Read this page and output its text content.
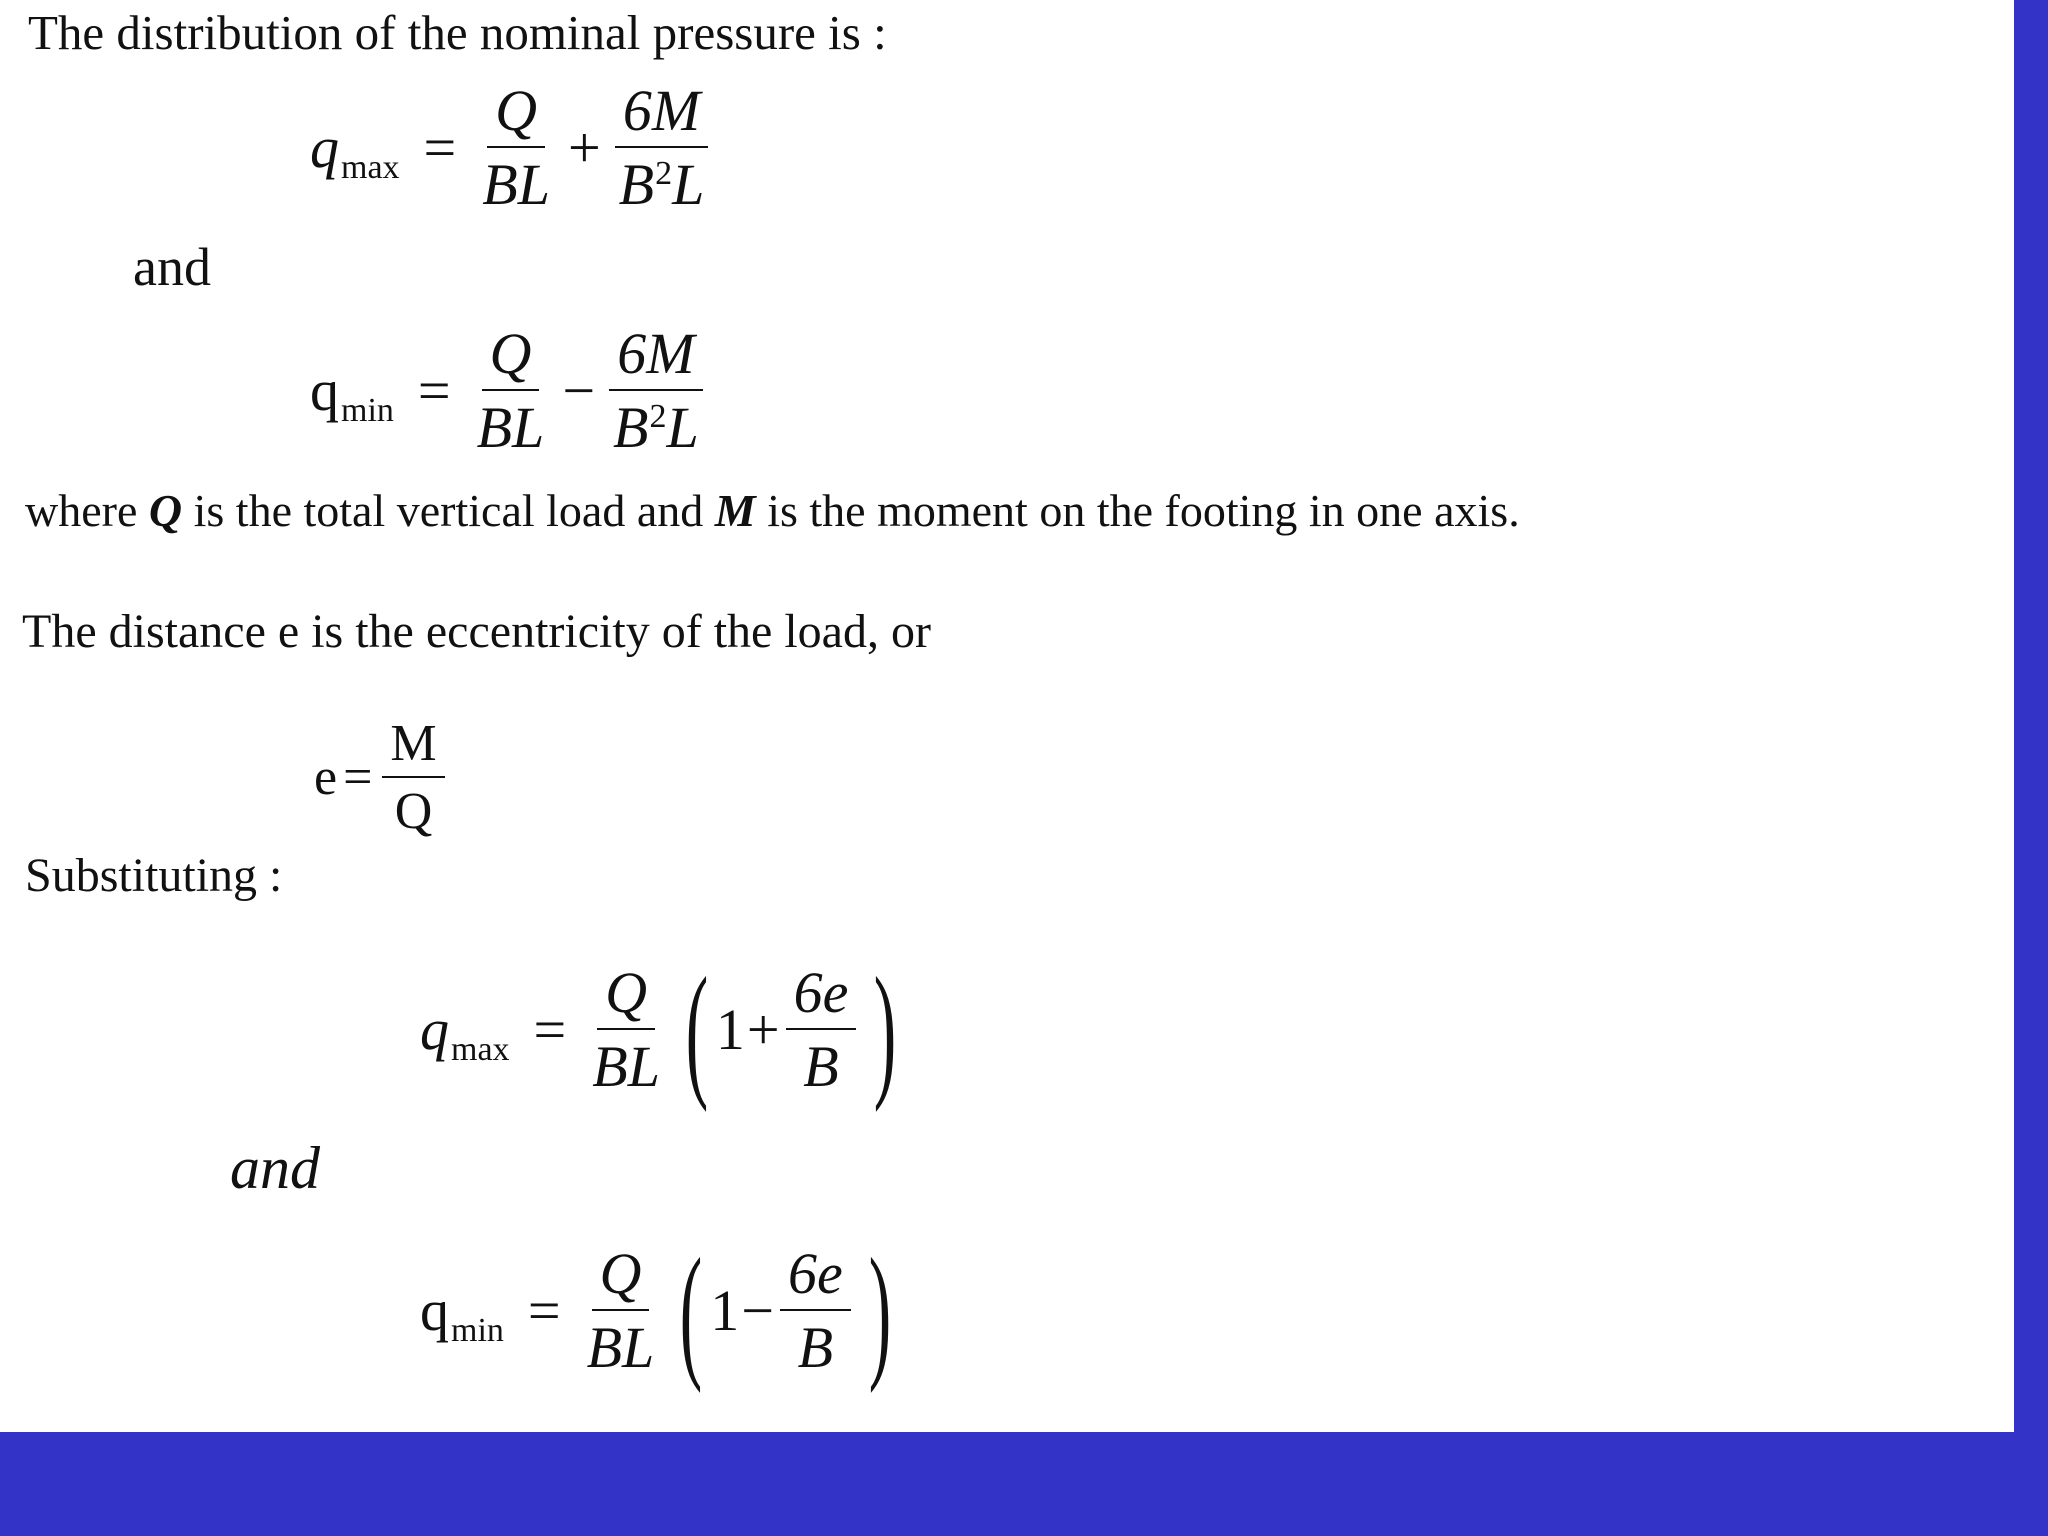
The distribution of the nominal pressure is :
q $\max = \frac{Q}{BL} + \frac{6M}{B^2L}$
and
q $\min = \frac{Q}{BL} - \frac{6M}{B^2L}$
where Q is the total vertical load and M is the moment on the footing in one axis.
The distance e is the eccentricity of the load, or
$e = \frac{M}{Q}$
Substituting :
q $\max = \frac{Q}{BL}$ ( $1 + \frac{6e}{B}$ )
and
q $\min = \frac{Q}{BL}$ ( $1 - \frac{6e}{B}$ )
